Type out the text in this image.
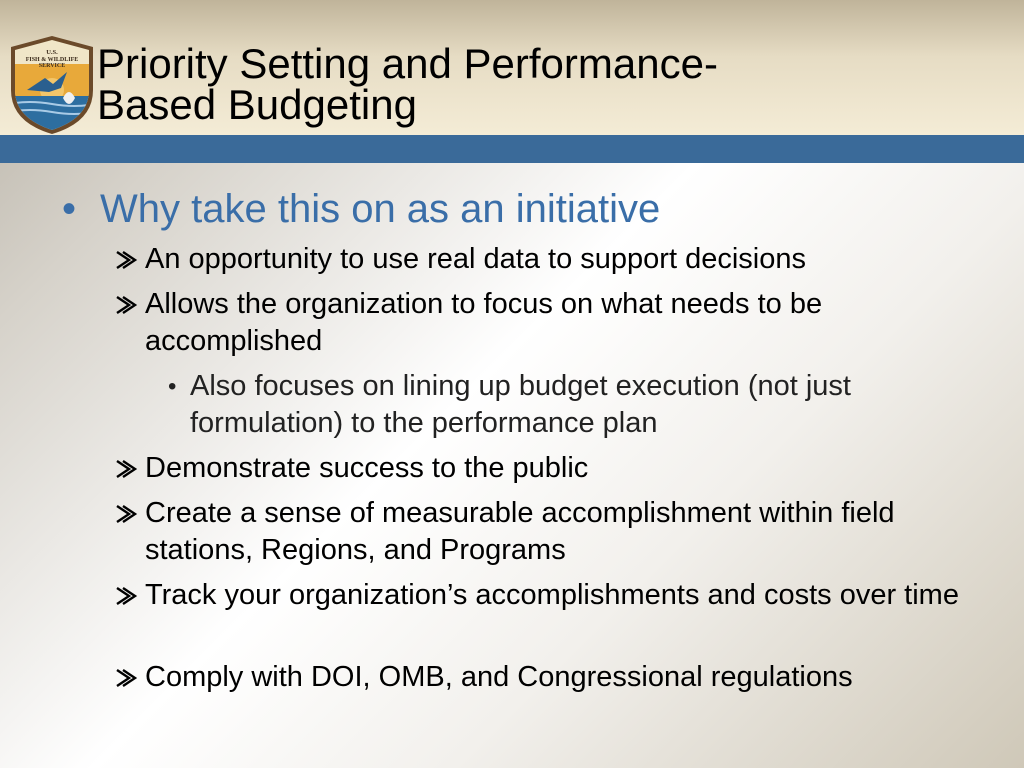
U.S.
FISH & WILDLIFE
SERVICE Priority Setting and Performance-
Based Budgeting
• Why take this on as an initiative

An opportunity to use real data to support decisions

Allows the organization to focus on what needs to be accomplished

• Also focuses on lining up budget execution (not just formulation) to the performance plan

Demonstrate success to the public

Create a sense of measurable accomplishment within field stations, Regions, and Programs

Track your organization’s accomplishments and costs over time

Comply with DOI, OMB, and Congressional regulations
